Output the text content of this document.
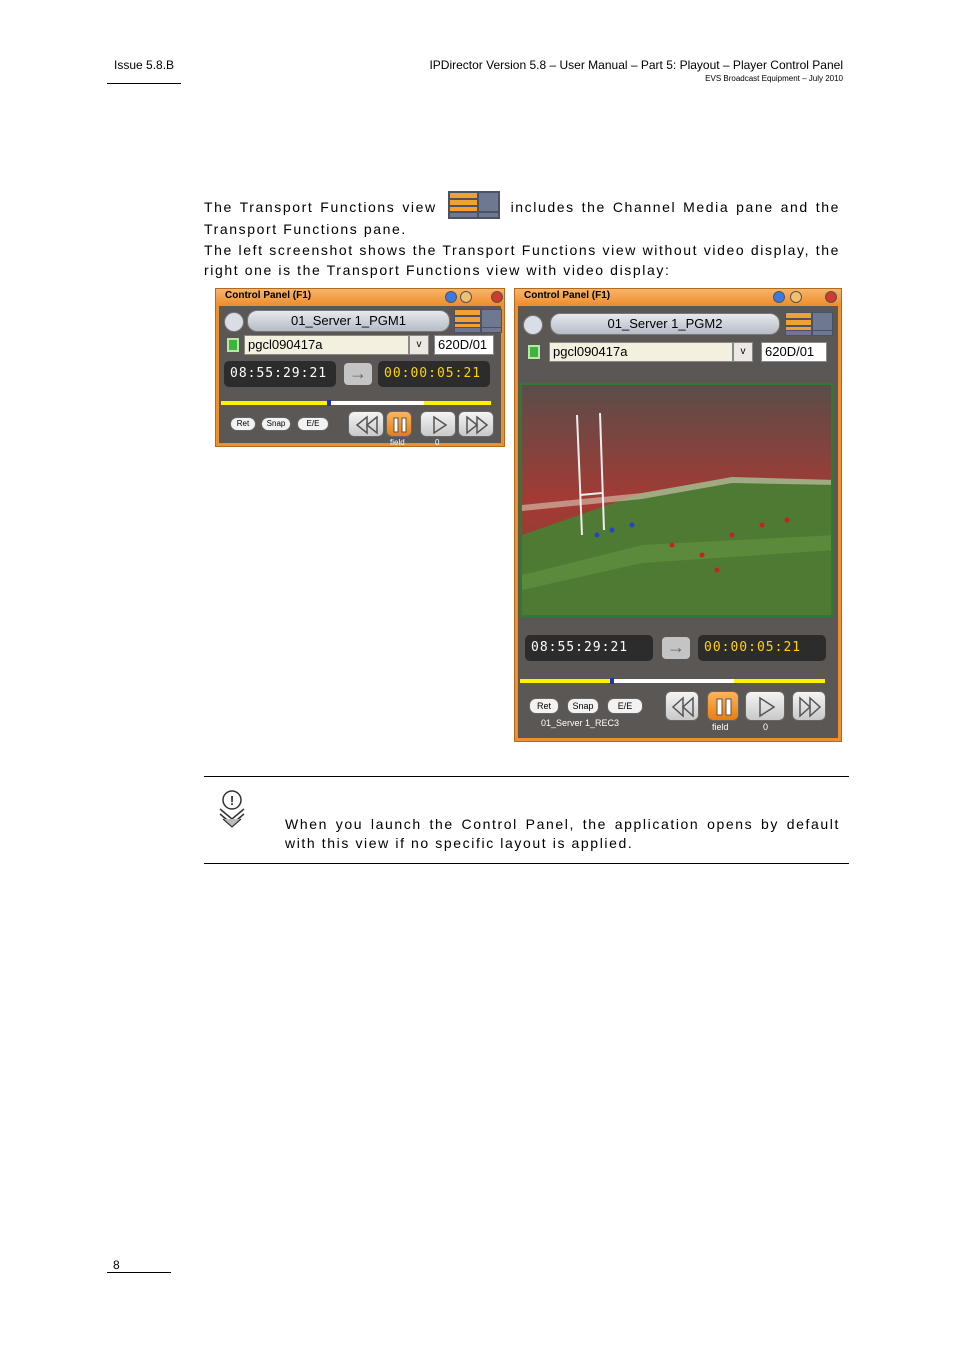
Issue 5.8.B	IPDirector Version 5.8 – User Manual – Part 5: Playout – Player Control Panel
EVS Broadcast Equipment – July 2010
The Transport Functions view	includes the Channel Media pane and the Transport Functions pane.
The left screenshot shows the Transport Functions view without video display, the right one is the Transport Functions view with video display:
Control Panel (F1)
01_Server 1_PGM1
pgcl090417a	v	620D/01
08:55:29:21	→	00:00:05:21
Ret	Snap	E/E
field	0
Control Panel (F1)
01_Server 1_PGM2
pgcl090417a	v	620D/01
08:55:29:21	→	00:00:05:21
Ret	Snap	E/E
01_Server 1_REC3	field	0
!
When you launch the Control Panel, the application opens by default with this view if no specific layout is applied.
8
